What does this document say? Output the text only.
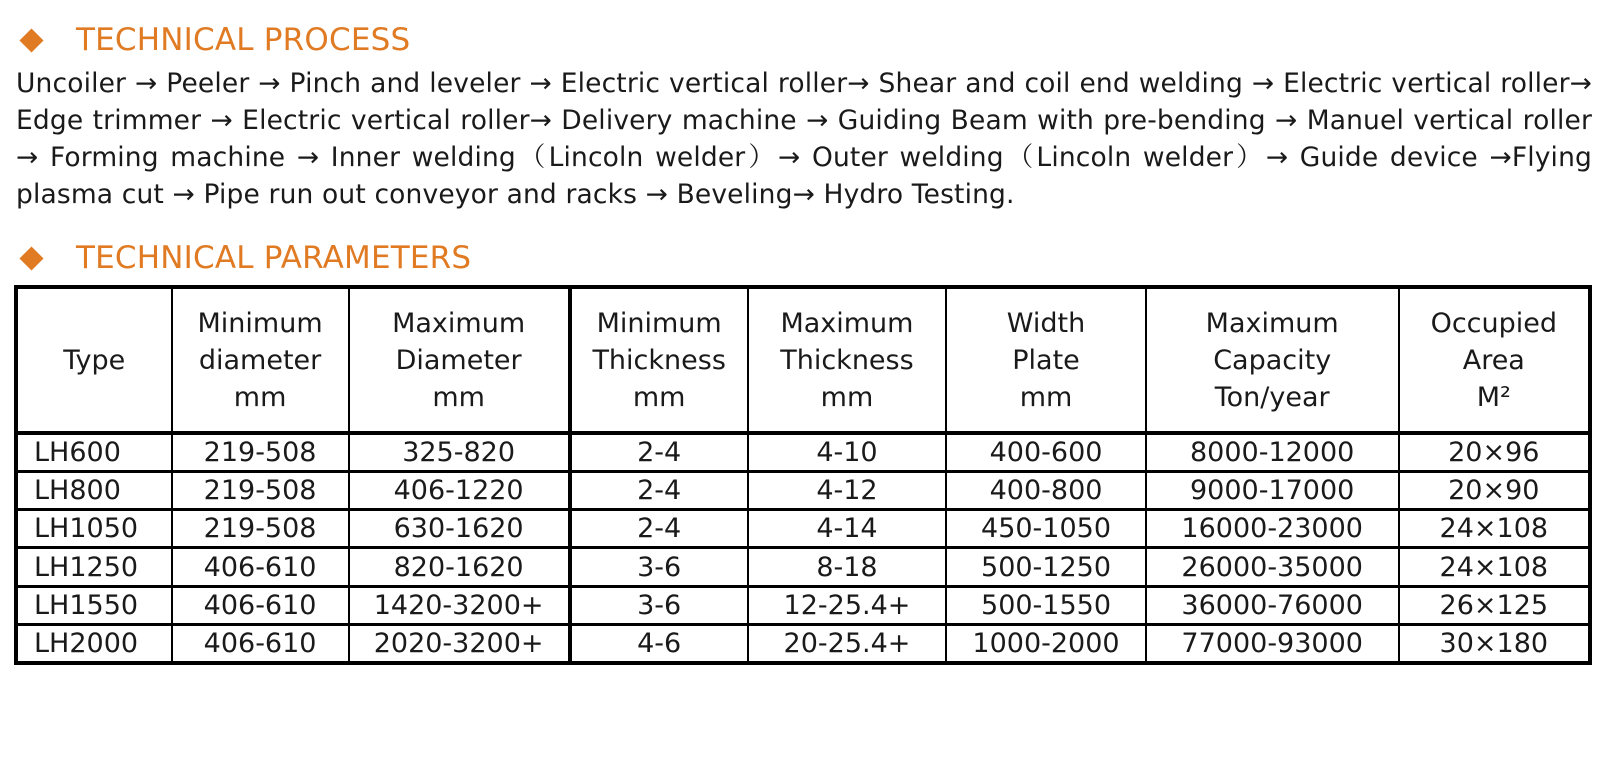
TECHNICAL PROCESS
Uncoiler → Peeler → Pinch and leveler → Electric vertical roller→ Shear and coil end welding → Electric vertical roller→ Edge trimmer → Electric vertical roller→ Delivery machine → Guiding Beam with pre-bending → Manuel vertical roller → Forming machine → Inner welding（Lincoln welder）→ Outer welding（Lincoln welder）→ Guide device →Flying plasma cut → Pipe run out conveyor and racks → Beveling→ Hydro Testing.
TECHNICAL PARAMETERS
Type	Minimum
diameter
mm	Maximum
Diameter
mm	Minimum
Thickness
mm	Maximum
Thickness
mm	Width
Plate
mm	Maximum
Capacity
Ton/year	Occupied
Area
M²

LH600	219-508	325-820	2-4	4-10	400-600	8000-12000	20×96
LH800	219-508	406-1220	2-4	4-12	400-800	9000-17000	20×90
LH1050	219-508	630-1620	2-4	4-14	450-1050	16000-23000	24×108
LH1250	406-610	820-1620	3-6	8-18	500-1250	26000-35000	24×108
LH1550	406-610	1420-3200+	3-6	12-25.4+	500-1550	36000-76000	26×125
LH2000	406-610	2020-3200+	4-6	20-25.4+	1000-2000	77000-93000	30×180
